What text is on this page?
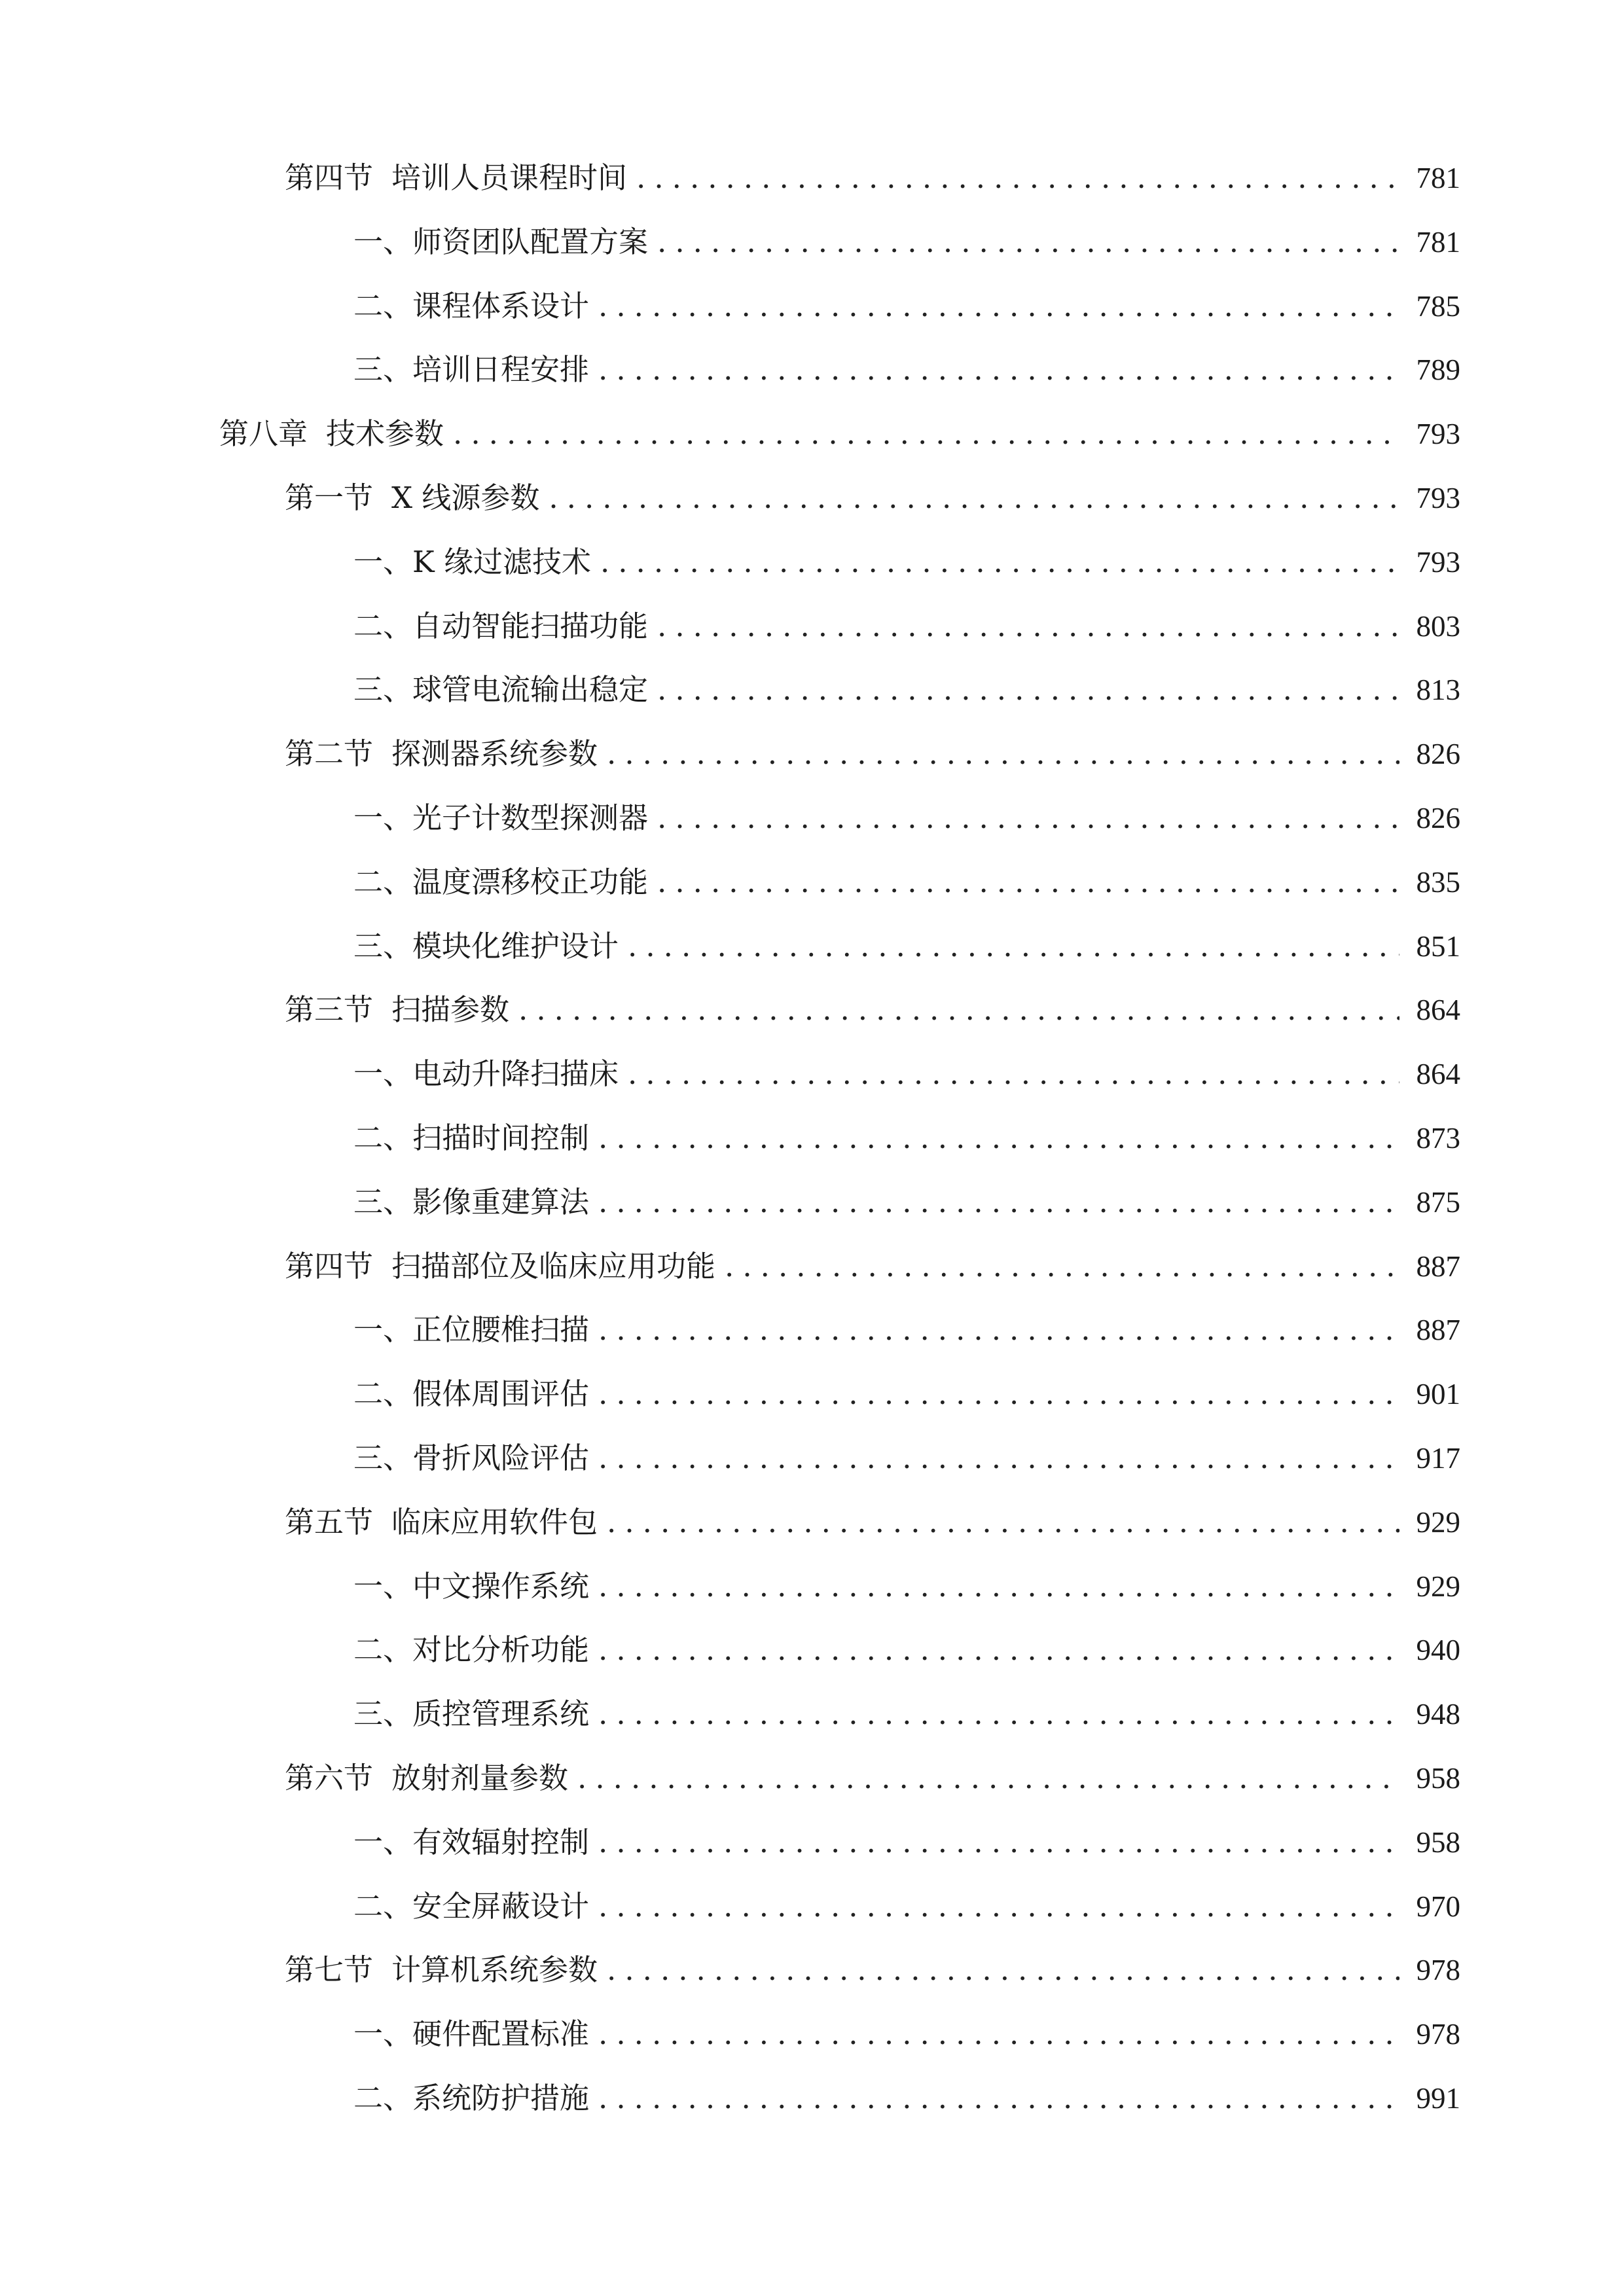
第四节 培训人员课程时间 .....	781
一、 师资团队配置方案 .....	781
二、 课程体系设计 .....	785
三、 培训日程安排 .....	789
第八章 技术参数 .....	793
第一节 X 线源参数 .....	793
一、 K 缘过滤技术 .....	793
二、 自动智能扫描功能 .....	803
三、 球管电流输出稳定 .....	813
第二节 探测器系统参数 .....	826
一、 光子计数型探测器 .....	826
二、 温度漂移校正功能 .....	835
三、 模块化维护设计 .....	851
第三节 扫描参数 .....	864
一、 电动升降扫描床 .....	864
二、 扫描时间控制 .....	873
三、 影像重建算法 .....	875
第四节 扫描部位及临床应用功能 .....	887
一、 正位腰椎扫描 .....	887
二、 假体周围评估 .....	901
三、 骨折风险评估 .....	917
第五节 临床应用软件包 .....	929
一、 中文操作系统 .....	929
二、 对比分析功能 .....	940
三、 质控管理系统 .....	948
第六节 放射剂量参数 .....	958
一、 有效辐射控制 .....	958
二、 安全屏蔽设计 .....	970
第七节 计算机系统参数 .....	978
一、 硬件配置标准 .....	978
二、 系统防护措施 .....	991
